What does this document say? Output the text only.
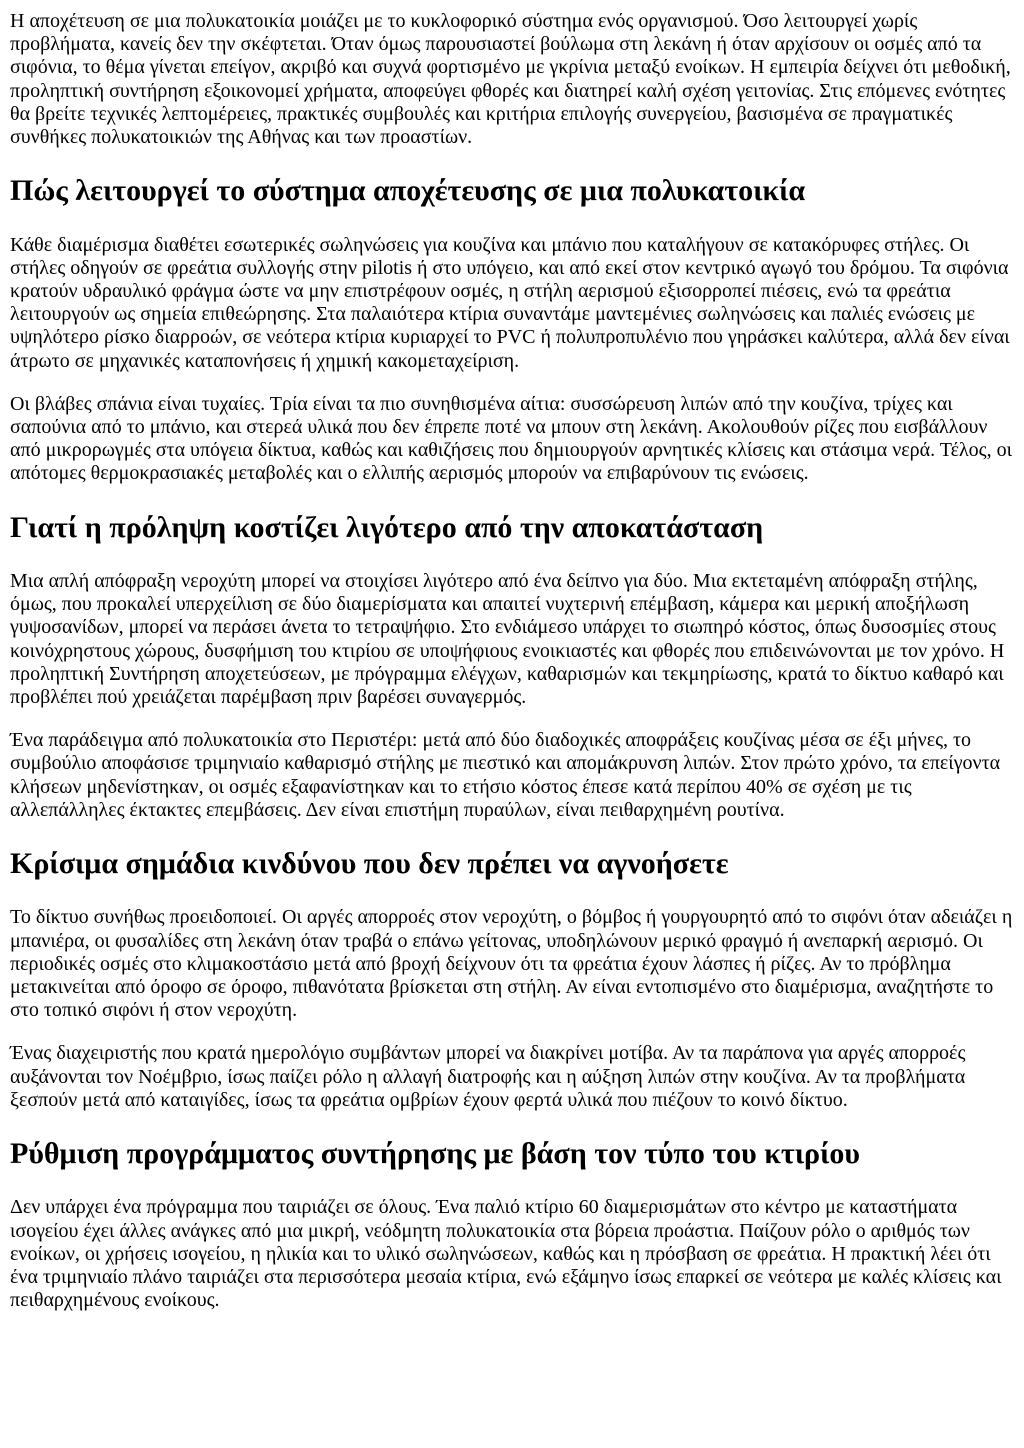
Η αποχέτευση σε μια πολυκατοικία μοιάζει με το κυκλοφορικό σύστημα ενός οργανισμού. Όσο λειτουργεί χωρίς προβλήματα, κανείς δεν την σκέφτεται. Όταν όμως παρουσιαστεί βούλωμα στη λεκάνη ή όταν αρχίσουν οι οσμές από τα σιφόνια, το θέμα γίνεται επείγον, ακριβό και συχνά φορτισμένο με γκρίνια μεταξύ ενοίκων. Η εμπειρία δείχνει ότι μεθοδική, προληπτική συντήρηση εξοικονομεί χρήματα, αποφεύγει φθορές και διατηρεί καλή σχέση γειτονίας. Στις επόμενες ενότητες θα βρείτε τεχνικές λεπτομέρειες, πρακτικές συμβουλές και κριτήρια επιλογής συνεργείου, βασισμένα σε πραγματικές συνθήκες πολυκατοικιών της Αθήνας και των προαστίων.

Πώς λειτουργεί το σύστημα αποχέτευσης σε μια πολυκατοικία

Κάθε διαμέρισμα διαθέτει εσωτερικές σωληνώσεις για κουζίνα και μπάνιο που καταλήγουν σε κατακόρυφες στήλες. Οι στήλες οδηγούν σε φρεάτια συλλογής στην pilotis ή στο υπόγειο, και από εκεί στον κεντρικό αγωγό του δρόμου. Τα σιφόνια κρατούν υδραυλικό φράγμα ώστε να μην επιστρέφουν οσμές, η στήλη αερισμού εξισορροπεί πιέσεις, ενώ τα φρεάτια λειτουργούν ως σημεία επιθεώρησης. Στα παλαιότερα κτίρια συναντάμε μαντεμένιες σωληνώσεις και παλιές ενώσεις με υψηλότερο ρίσκο διαρροών, σε νεότερα κτίρια κυριαρχεί το PVC ή πολυπροπυλένιο που γηράσκει καλύτερα, αλλά δεν είναι άτρωτο σε μηχανικές καταπονήσεις ή χημική κακομεταχείριση.

Οι βλάβες σπάνια είναι τυχαίες. Τρία είναι τα πιο συνηθισμένα αίτια: συσσώρευση λιπών από την κουζίνα, τρίχες και σαπούνια από το μπάνιο, και στερεά υλικά που δεν έπρεπε ποτέ να μπουν στη λεκάνη. Ακολουθούν ρίζες που εισβάλλουν από μικρορωγμές στα υπόγεια δίκτυα, καθώς και καθιζήσεις που δημιουργούν αρνητικές κλίσεις και στάσιμα νερά. Τέλος, οι απότομες θερμοκρασιακές μεταβολές και ο ελλιπής αερισμός μπορούν να επιβαρύνουν τις ενώσεις.

Γιατί η πρόληψη κοστίζει λιγότερο από την αποκατάσταση

Μια απλή απόφραξη νεροχύτη μπορεί να στοιχίσει λιγότερο από ένα δείπνο για δύο. Μια εκτεταμένη απόφραξη στήλης, όμως, που προκαλεί υπερχείλιση σε δύο διαμερίσματα και απαιτεί νυχτερινή επέμβαση, κάμερα και μερική αποξήλωση γυψοσανίδων, μπορεί να περάσει άνετα το τετραψήφιο. Στο ενδιάμεσο υπάρχει το σιωπηρό κόστος, όπως δυσοσμίες στους κοινόχρηστους χώρους, δυσφήμιση του κτιρίου σε υποψήφιους ενοικιαστές και φθορές που επιδεινώνονται με τον χρόνο. Η προληπτική Συντήρηση αποχετεύσεων, με πρόγραμμα ελέγχων, καθαρισμών και τεκμηρίωσης, κρατά το δίκτυο καθαρό και προβλέπει πού χρειάζεται παρέμβαση πριν βαρέσει συναγερμός.

Ένα παράδειγμα από πολυκατοικία στο Περιστέρι: μετά από δύο διαδοχικές αποφράξεις κουζίνας μέσα σε έξι μήνες, το συμβούλιο αποφάσισε τριμηνιαίο καθαρισμό στήλης με πιεστικό και απομάκρυνση λιπών. Στον πρώτο χρόνο, τα επείγοντα κλήσεων μηδενίστηκαν, οι οσμές εξαφανίστηκαν και το ετήσιο κόστος έπεσε κατά περίπου 40% σε σχέση με τις αλλεπάλληλες έκτακτες επεμβάσεις. Δεν είναι επιστήμη πυραύλων, είναι πειθαρχημένη ρουτίνα.

Κρίσιμα σημάδια κινδύνου που δεν πρέπει να αγνοήσετε

Το δίκτυο συνήθως προειδοποιεί. Οι αργές απορροές στον νεροχύτη, ο βόμβος ή γουργουρητό από το σιφόνι όταν αδειάζει η μπανιέρα, οι φυσαλίδες στη λεκάνη όταν τραβά ο επάνω γείτονας, υποδηλώνουν μερικό φραγμό ή ανεπαρκή αερισμό. Οι περιοδικές οσμές στο κλιμακοστάσιο μετά από βροχή δείχνουν ότι τα φρεάτια έχουν λάσπες ή ρίζες. Αν το πρόβλημα μετακινείται από όροφο σε όροφο, πιθανότατα βρίσκεται στη στήλη. Αν είναι εντοπισμένο στο διαμέρισμα, αναζητήστε το στο τοπικό σιφόνι ή στον νεροχύτη.

Ένας διαχειριστής που κρατά ημερολόγιο συμβάντων μπορεί να διακρίνει μοτίβα. Αν τα παράπονα για αργές απορροές αυξάνονται τον Νοέμβριο, ίσως παίζει ρόλο η αλλαγή διατροφής και η αύξηση λιπών στην κουζίνα. Αν τα προβλήματα ξεσπούν μετά από καταιγίδες, ίσως τα φρεάτια ομβρίων έχουν φερτά υλικά που πιέζουν το κοινό δίκτυο.

Ρύθμιση προγράμματος συντήρησης με βάση τον τύπο του κτιρίου

Δεν υπάρχει ένα πρόγραμμα που ταιριάζει σε όλους. Ένα παλιό κτίριο 60 διαμερισμάτων στο κέντρο με καταστήματα ισογείου έχει άλλες ανάγκες από μια μικρή, νεόδμητη πολυκατοικία στα βόρεια προάστια. Παίζουν ρόλο ο αριθμός των ενοίκων, οι χρήσεις ισογείου, η ηλικία και το υλικό σωληνώσεων, καθώς και η πρόσβαση σε φρεάτια. Η πρακτική λέει ότι ένα τριμηνιαίο πλάνο ταιριάζει στα περισσότερα μεσαία κτίρια, ενώ εξάμηνο ίσως επαρκεί σε νεότερα με καλές κλίσεις και πειθαρχημένους ενοίκους.
